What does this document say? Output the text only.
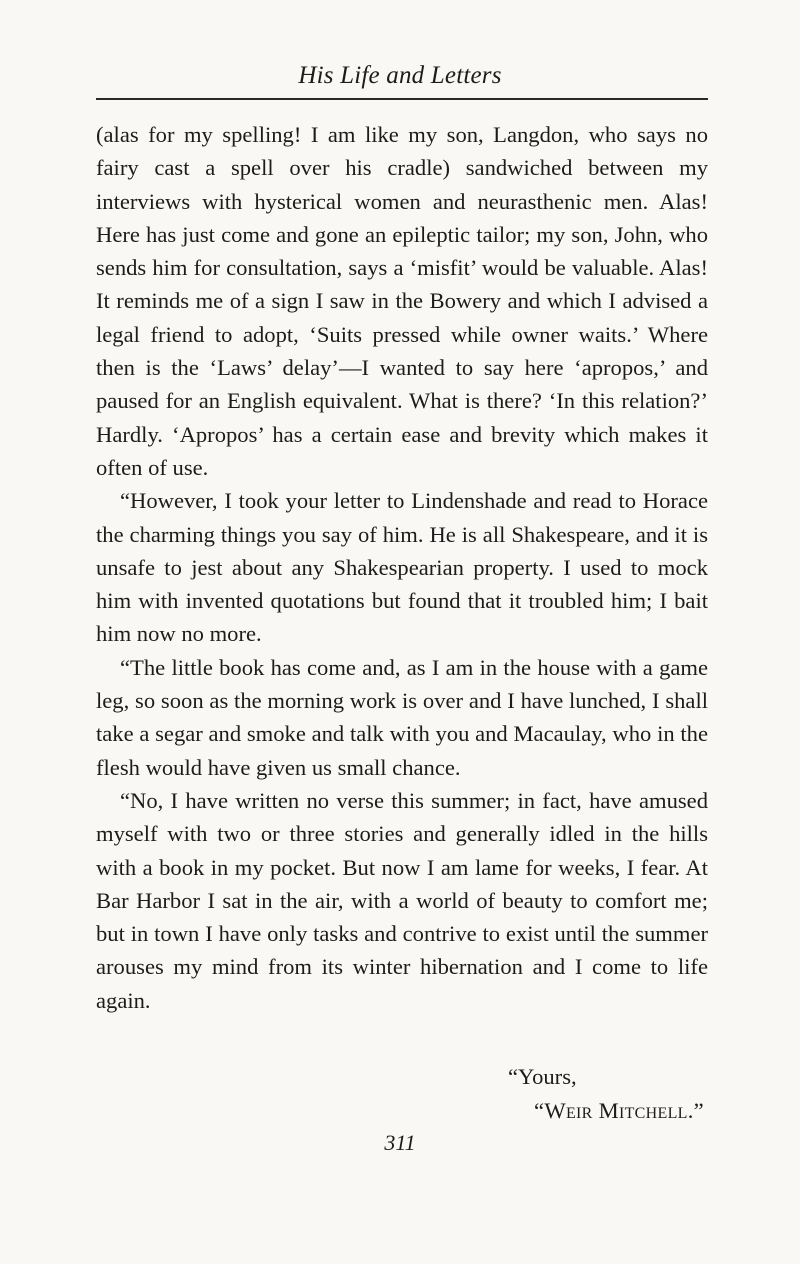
His Life and Letters

(alas for my spelling! I am like my son, Langdon, who says no fairy cast a spell over his cradle) sandwiched between my interviews with hysterical women and neurasthenic men. Alas! Here has just come and gone an epileptic tailor; my son, John, who sends him for consultation, says a ‘misfit’ would be valuable. Alas! It reminds me of a sign I saw in the Bowery and which I advised a legal friend to adopt, ‘Suits pressed while owner waits.’ Where then is the ‘Laws’ delay’—I wanted to say here ‘apropos,’ and paused for an English equivalent. What is there? ‘In this relation?’ Hardly. ‘Apropos’ has a certain ease and brevity which makes it often of use.

“However, I took your letter to Lindenshade and read to Horace the charming things you say of him. He is all Shakespeare, and it is unsafe to jest about any Shakespearian property. I used to mock him with invented quotations but found that it troubled him; I bait him now no more.

“The little book has come and, as I am in the house with a game leg, so soon as the morning work is over and I have lunched, I shall take a segar and smoke and talk with you and Macaulay, who in the flesh would have given us small chance.

“No, I have written no verse this summer; in fact, have amused myself with two or three stories and generally idled in the hills with a book in my pocket. But now I am lame for weeks, I fear. At Bar Harbor I sat in the air, with a world of beauty to comfort me; but in town I have only tasks and contrive to exist until the summer arouses my mind from its winter hibernation and I come to life again.

“Yours,
“Weir Mitchell.”
311
